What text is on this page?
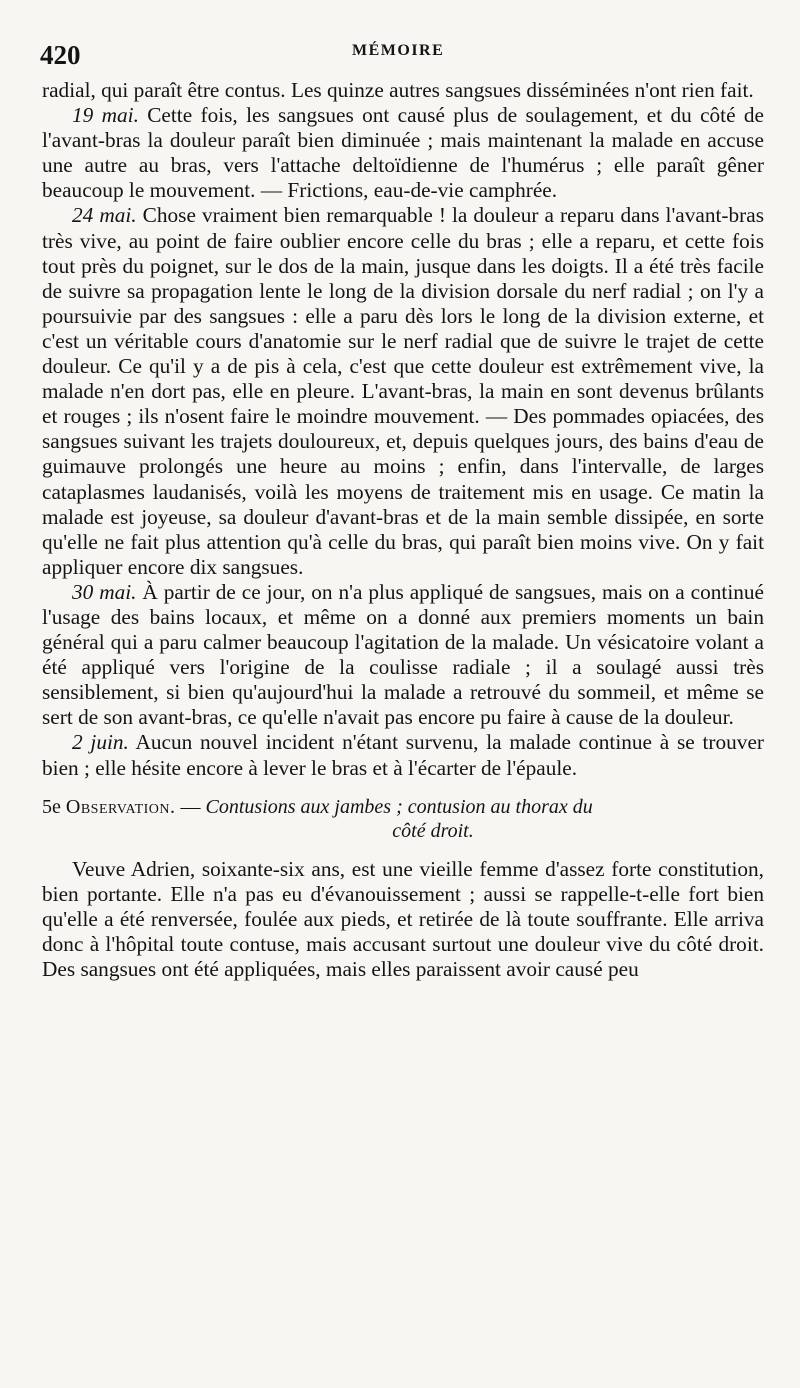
420	MÉMOIRE

radial, qui paraît être contus. Les quinze autres sangsues disséminées n'ont rien fait.

19 mai. Cette fois, les sangsues ont causé plus de soulagement, et du côté de l'avant-bras la douleur paraît bien diminuée ; mais maintenant la malade en accuse une autre au bras, vers l'attache deltoïdienne de l'humérus ; elle paraît gêner beaucoup le mouvement. — Frictions, eau-de-vie camphrée.

24 mai. Chose vraiment bien remarquable ! la douleur a reparu dans l'avant-bras très vive, au point de faire oublier encore celle du bras ; elle a reparu, et cette fois tout près du poignet, sur le dos de la main, jusque dans les doigts. Il a été très facile de suivre sa propagation lente le long de la division dorsale du nerf radial ; on l'y a poursuivie par des sangsues : elle a paru dès lors le long de la division externe, et c'est un véritable cours d'anatomie sur le nerf radial que de suivre le trajet de cette douleur. Ce qu'il y a de pis à cela, c'est que cette douleur est extrêmement vive, la malade n'en dort pas, elle en pleure. L'avant-bras, la main en sont devenus brûlants et rouges ; ils n'osent faire le moindre mouvement. — Des pommades opiacées, des sangsues suivant les trajets douloureux, et, depuis quelques jours, des bains d'eau de guimauve prolongés une heure au moins ; enfin, dans l'intervalle, de larges cataplasmes laudanisés, voilà les moyens de traitement mis en usage. Ce matin la malade est joyeuse, sa douleur d'avant-bras et de la main semble dissipée, en sorte qu'elle ne fait plus attention qu'à celle du bras, qui paraît bien moins vive. On y fait appliquer encore dix sangsues.

30 mai. À partir de ce jour, on n'a plus appliqué de sangsues, mais on a continué l'usage des bains locaux, et même on a donné aux premiers moments un bain général qui a paru calmer beaucoup l'agitation de la malade. Un vésicatoire volant a été appliqué vers l'origine de la coulisse radiale ; il a soulagé aussi très sensiblement, si bien qu'aujourd'hui la malade a retrouvé du sommeil, et même se sert de son avant-bras, ce qu'elle n'avait pas encore pu faire à cause de la douleur.

2 juin. Aucun nouvel incident n'étant survenu, la malade continue à se trouver bien ; elle hésite encore à lever le bras et à l'écarter de l'épaule.

5e Observation. — Contusions aux jambes ; contusion au thorax du
côté droit.

Veuve Adrien, soixante-six ans, est une vieille femme d'assez forte constitution, bien portante. Elle n'a pas eu d'évanouissement ; aussi se rappelle-t-elle fort bien qu'elle a été renversée, foulée aux pieds, et retirée de là toute souffrante. Elle arriva donc à l'hôpital toute contuse, mais accusant surtout une douleur vive du côté droit. Des sangsues ont été appliquées, mais elles paraissent avoir causé peu
